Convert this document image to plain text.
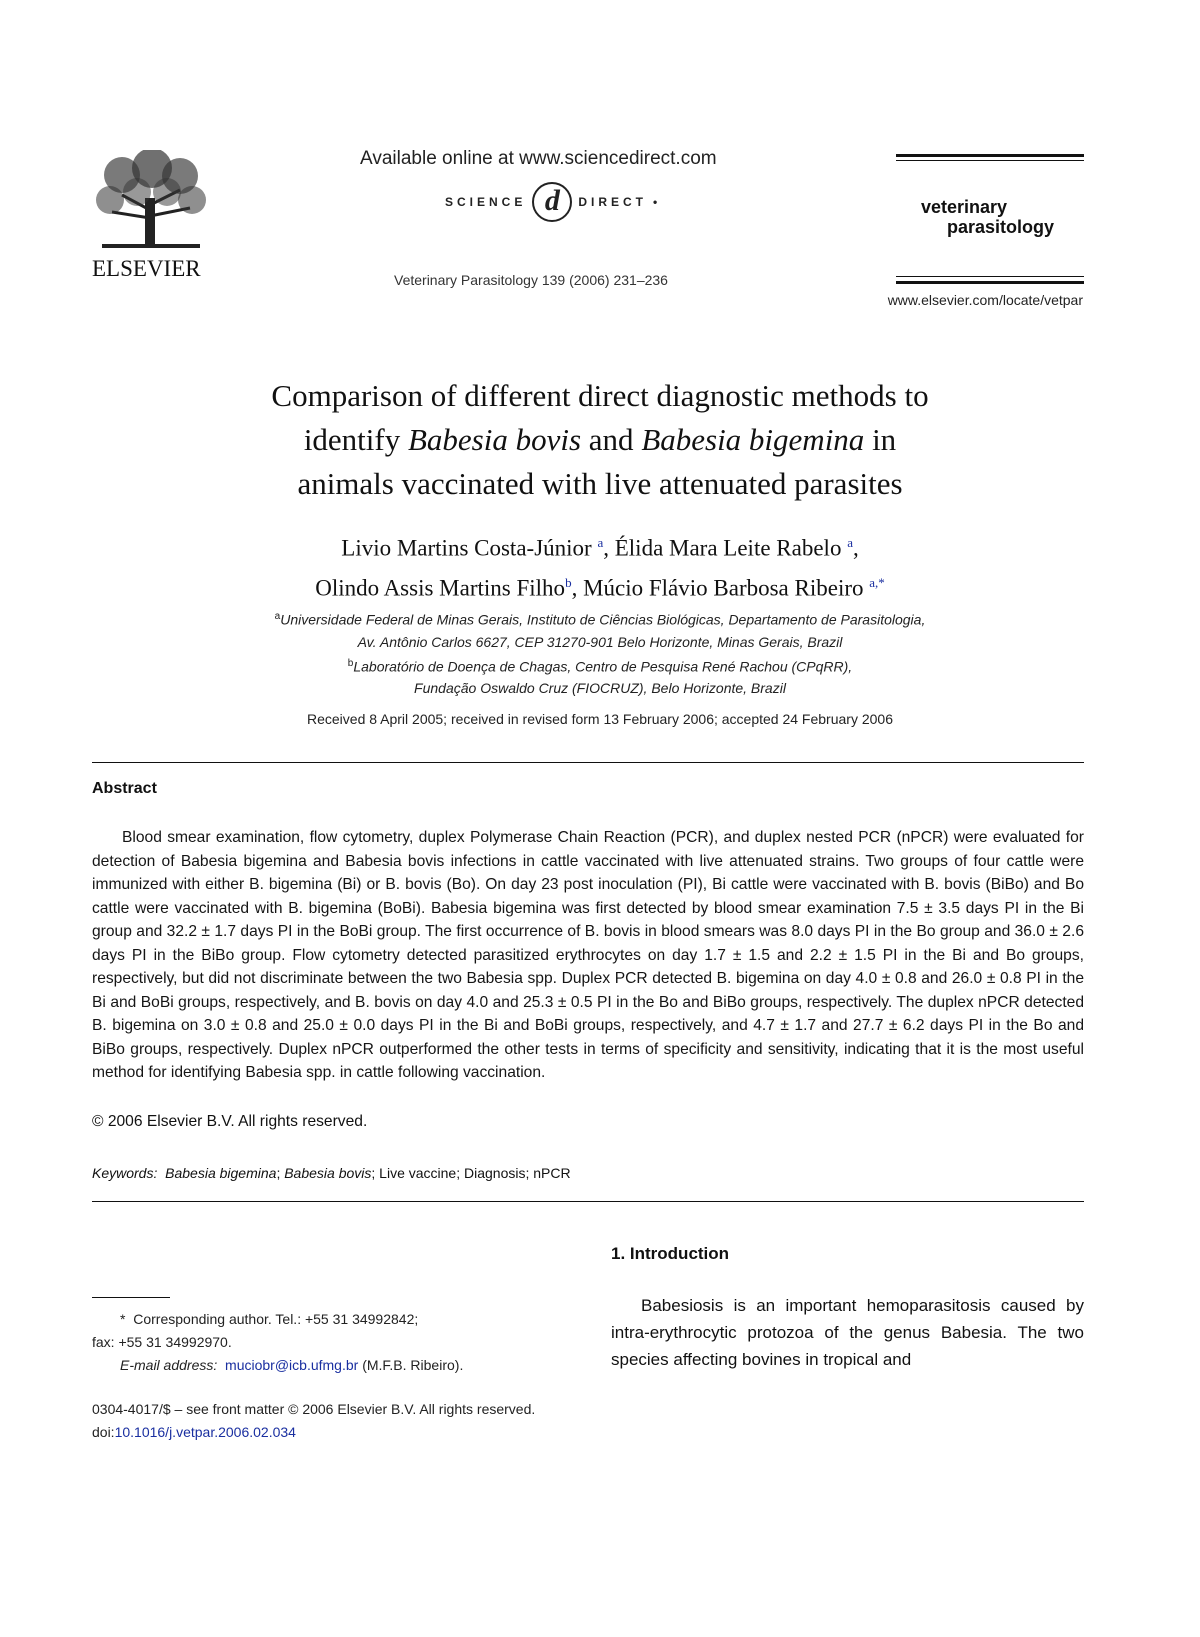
ELSEVIER
Available online at www.sciencedirect.com
SCIENCE d	DIRECT •
Veterinary Parasitology 139 (2006) 231–236
veterinary
parasitology
www.elsevier.com/locate/vetpar
Comparison of different direct diagnostic methods to
identify Babesia bovis and Babesia bigemina in
animals vaccinated with live attenuated parasites
Livio Martins Costa-Júnior $^a$, Élida Mara Leite Rabelo $^a$,
Olindo Assis Martins Filho$^b$, Múcio Flávio Barbosa Ribeiro $^{a,*}$
$^a$Universidade Federal de Minas Gerais, Instituto de Ciências Biológicas, Departamento de Parasitologia,
Av. Antônio Carlos 6627, CEP 31270-901 Belo Horizonte, Minas Gerais, Brazil
$^b$Laboratório de Doença de Chagas, Centro de Pesquisa René Rachou (CPqRR),
Fundação Oswaldo Cruz (FIOCRUZ), Belo Horizonte, Brazil
Received 8 April 2005; received in revised form 13 February 2006; accepted 24 February 2006
Abstract

Blood smear examination, flow cytometry, duplex Polymerase Chain Reaction (PCR), and duplex nested PCR (nPCR) were evaluated for detection of Babesia bigemina and Babesia bovis infections in cattle vaccinated with live attenuated strains. Two groups of four cattle were immunized with either B. bigemina (Bi) or B. bovis (Bo). On day 23 post inoculation (PI), Bi cattle were vaccinated with B. bovis (BiBo) and Bo cattle were vaccinated with B. bigemina (BoBi). Babesia bigemina was first detected by blood smear examination 7.5 ± 3.5 days PI in the Bi group and 32.2 ± 1.7 days PI in the BoBi group. The first occurrence of B. bovis in blood smears was 8.0 days PI in the Bo group and 36.0 ± 2.6 days PI in the BiBo group. Flow cytometry detected parasitized erythrocytes on day 1.7 ± 1.5 and 2.2 ± 1.5 PI in the Bi and Bo groups, respectively, but did not discriminate between the two Babesia spp. Duplex PCR detected B. bigemina on day 4.0 ± 0.8 and 26.0 ± 0.8 PI in the Bi and BoBi groups, respectively, and B. bovis on day 4.0 and 25.3 ± 0.5 PI in the Bo and BiBo groups, respectively. The duplex nPCR detected B. bigemina on 3.0 ± 0.8 and 25.0 ± 0.0 days PI in the Bi and BoBi groups, respectively, and 4.7 ± 1.7 and 27.7 ± 6.2 days PI in the Bo and BiBo groups, respectively. Duplex nPCR outperformed the other tests in terms of specificity and sensitivity, indicating that it is the most useful method for identifying Babesia spp. in cattle following vaccination.

© 2006 Elsevier B.V. All rights reserved.
Keywords: Babesia bigemina; Babesia bovis; Live vaccine; Diagnosis; nPCR
* Corresponding author. Tel.: +55 31 34992842;
fax: +55 31 34992970.
E-mail address: muciobr@icb.ufmg.br (M.F.B. Ribeiro).
0304-4017/$ – see front matter © 2006 Elsevier B.V. All rights reserved.
doi:10.1016/j.vetpar.2006.02.034
1. Introduction

Babesiosis is an important hemoparasitosis caused by intra-erythrocytic protozoa of the genus Babesia. The two species affecting bovines in tropical and
